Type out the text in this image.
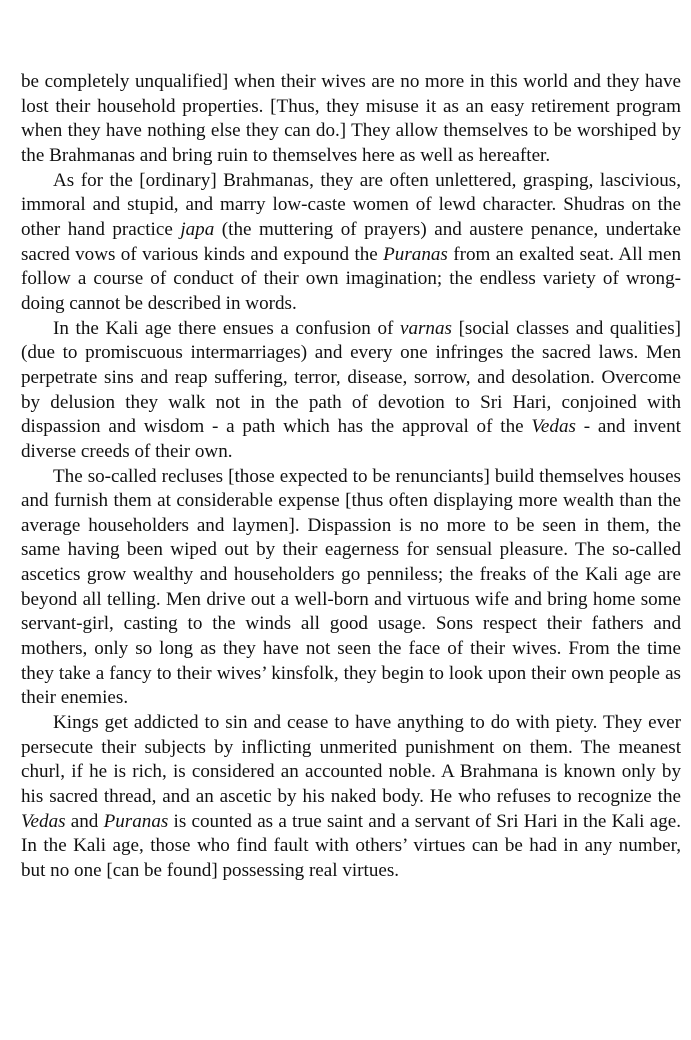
be completely unqualified] when their wives are no more in this world and they have lost their household properties. [Thus, they misuse it as an easy retirement program when they have nothing else they can do.] They allow themselves to be worshiped by the Brahmanas and bring ruin to themselves here as well as hereafter.

As for the [ordinary] Brahmanas, they are often unlettered, grasping, lascivious, immoral and stupid, and marry low-caste women of lewd character. Shudras on the other hand practice japa (the muttering of prayers) and austere penance, undertake sacred vows of various kinds and expound the Puranas from an exalted seat. All men follow a course of conduct of their own imagination; the endless variety of wrong-doing cannot be described in words.

In the Kali age there ensues a confusion of varnas [social classes and qualities] (due to promiscuous intermarriages) and every one infringes the sacred laws. Men perpetrate sins and reap suffering, terror, disease, sorrow, and desolation. Overcome by delusion they walk not in the path of devotion to Sri Hari, conjoined with dispassion and wisdom - a path which has the approval of the Vedas - and invent diverse creeds of their own.

The so-called recluses [those expected to be renunciants] build themselves houses and furnish them at considerable expense [thus often displaying more wealth than the average householders and laymen]. Dispassion is no more to be seen in them, the same having been wiped out by their eagerness for sensual pleasure. The so-called ascetics grow wealthy and householders go penniless; the freaks of the Kali age are beyond all telling. Men drive out a well-born and virtuous wife and bring home some servant-girl, casting to the winds all good usage. Sons respect their fathers and mothers, only so long as they have not seen the face of their wives. From the time they take a fancy to their wives’ kinsfolk, they begin to look upon their own people as their enemies.

Kings get addicted to sin and cease to have anything to do with piety. They ever persecute their subjects by inflicting unmerited punishment on them. The meanest churl, if he is rich, is considered an accounted noble. A Brahmana is known only by his sacred thread, and an ascetic by his naked body. He who refuses to recognize the Vedas and Puranas is counted as a true saint and a servant of Sri Hari in the Kali age. In the Kali age, those who find fault with others’ virtues can be had in any number, but no one [can be found] possessing real virtues.
